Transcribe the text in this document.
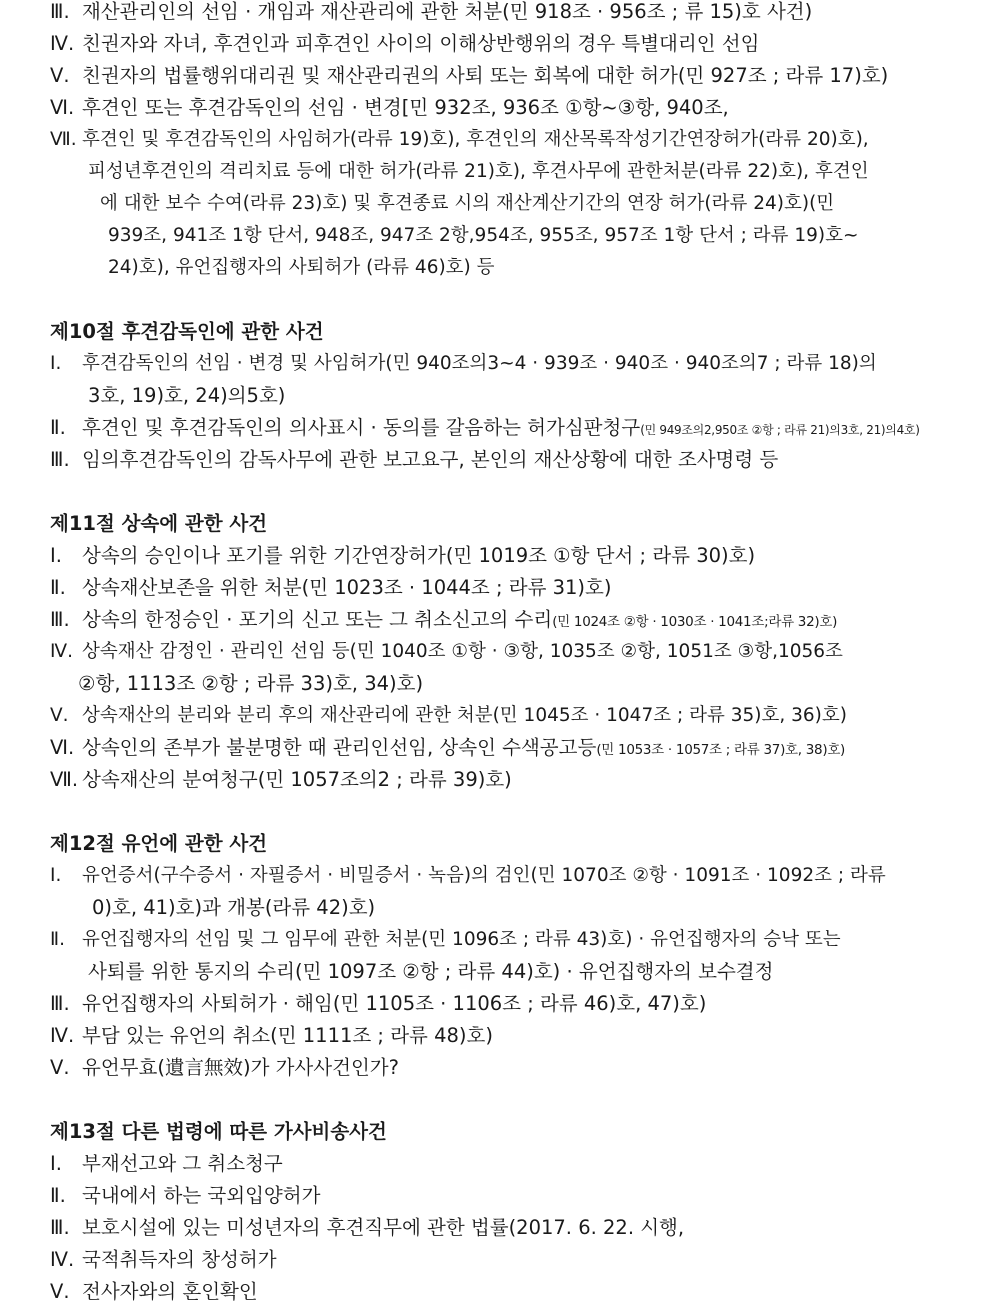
Ⅲ. 재산관리인의 선임 · 개임과 재산관리에 관한 처분(민 918조 · 956조 ; 류 15)호 사건)
Ⅳ. 친권자와 자녀, 후견인과 피후견인 사이의 이해상반행위의 경우 특별대리인 선임
Ⅴ. 친권자의 법률행위대리권 및 재산관리권의 사퇴 또는 회복에 대한 허가(민 927조 ; 라류 17)호)
Ⅵ. 후견인 또는 후견감독인의 선임 · 변경[민 932조, 936조 ①항~③항, 940조,
Ⅶ. 후견인 및 후견감독인의 사임허가(라류 19)호), 후견인의 재산목록작성기간연장허가(라류 20)호),
피성년후견인의 격리치료 등에 대한 허가(라류 21)호), 후견사무에 관한처분(라류 22)호), 후견인
에 대한 보수 수여(라류 23)호) 및 후견종료 시의 재산계산기간의 연장 허가(라류 24)호)(민
939조, 941조 1항 단서, 948조, 947조 2항,954조, 955조, 957조 1항 단서 ; 라류 19)호~
24)호), 유언집행자의 사퇴허가 (라류 46)호) 등
제10절 후견감독인에 관한 사건
Ⅰ. 후견감독인의 선임 · 변경 및 사임허가(민 940조의3~4 · 939조 · 940조 · 940조의7 ; 라류 18)의
3호, 19)호, 24)의5호)
Ⅱ. 후견인 및 후견감독인의 의사표시 · 동의를 갈음하는 허가심판청구(민 949조의2,950조 ②항 ; 라류 21)의3호, 21)의4호)
Ⅲ. 임의후견감독인의 감독사무에 관한 보고요구, 본인의 재산상황에 대한 조사명령 등
제11절 상속에 관한 사건
Ⅰ. 상속의 승인이나 포기를 위한 기간연장허가(민 1019조 ①항 단서 ; 라류 30)호)
Ⅱ. 상속재산보존을 위한 처분(민 1023조 · 1044조 ; 라류 31)호)
Ⅲ. 상속의 한정승인 · 포기의 신고 또는 그 취소신고의 수리(민 1024조 ②항 · 1030조 · 1041조;라류 32)호)
Ⅳ. 상속재산 감정인 · 관리인 선임 등(민 1040조 ①항 · ③항, 1035조 ②항, 1051조 ③항,1056조
②항, 1113조 ②항 ; 라류 33)호, 34)호)
Ⅴ. 상속재산의 분리와 분리 후의 재산관리에 관한 처분(민 1045조 · 1047조 ; 라류 35)호, 36)호)
Ⅵ. 상속인의 존부가 불분명한 때 관리인선임, 상속인 수색공고등(민 1053조 · 1057조 ; 라류 37)호, 38)호)
Ⅶ. 상속재산의 분여청구(민 1057조의2 ; 라류 39)호)
제12절 유언에 관한 사건
Ⅰ. 유언증서(구수증서 · 자필증서 · 비밀증서 · 녹음)의 검인(민 1070조 ②항 · 1091조 · 1092조 ; 라류
0)호, 41)호)과 개봉(라류 42)호)
Ⅱ. 유언집행자의 선임 및 그 임무에 관한 처분(민 1096조 ; 라류 43)호) · 유언집행자의 승낙 또는
사퇴를 위한 통지의 수리(민 1097조 ②항 ; 라류 44)호) · 유언집행자의 보수결정
Ⅲ. 유언집행자의 사퇴허가 · 해임(민 1105조 · 1106조 ; 라류 46)호, 47)호)
Ⅳ. 부담 있는 유언의 취소(민 1111조 ; 라류 48)호)
Ⅴ. 유언무효(遺言無效)가 가사사건인가?
제13절 다른 법령에 따른 가사비송사건
Ⅰ. 부재선고와 그 취소청구
Ⅱ. 국내에서 하는 국외입양허가
Ⅲ. 보호시설에 있는 미성년자의 후견직무에 관한 법률(2017. 6. 22. 시행,
Ⅳ. 국적취득자의 창성허가
Ⅴ. 전사자와의 혼인확인
